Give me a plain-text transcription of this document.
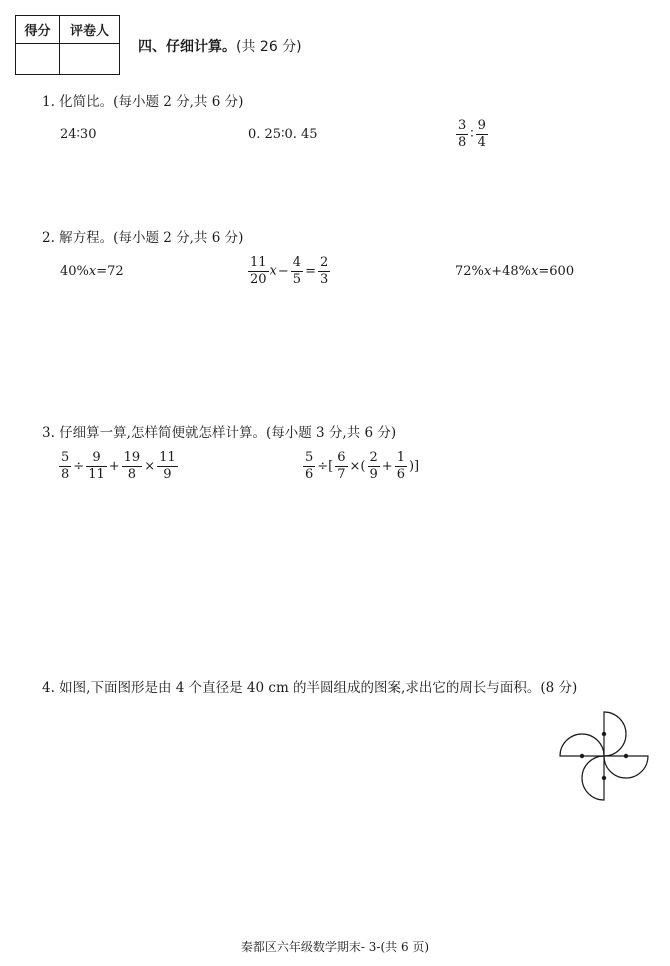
得分	评卷人

四、仔细计算。(共 26 分)
1. 化简比。(每小题 2 分,共 6 分)
24∶30	0. 25∶0. 45	$\frac{3}{8}$ ∶ $\frac{9}{4}$
2. 解方程。(每小题 2 分,共 6 分)
40%x=72	$\frac{11}{20} x- \frac{4}{5} = \frac{2}{3}$	72%x+48%x=600
3. 仔细算一算,怎样简便就怎样计算。(每小题 3 分,共 6 分)
$\frac{5}{8} \div \frac{9}{11} + \frac{19}{8} \times \frac{11}{9}$	$\frac{5}{6}$ ÷[ $\frac{6}{7}$ ×( $\frac{2}{9} + \frac{1}{6}$ )]
4. 如图,下面图形是由 4 个直径是 40 cm 的半圆组成的图案,求出它的周长与面积。(8 分)
秦都区六年级数学期末- 3-(共 6 页)
